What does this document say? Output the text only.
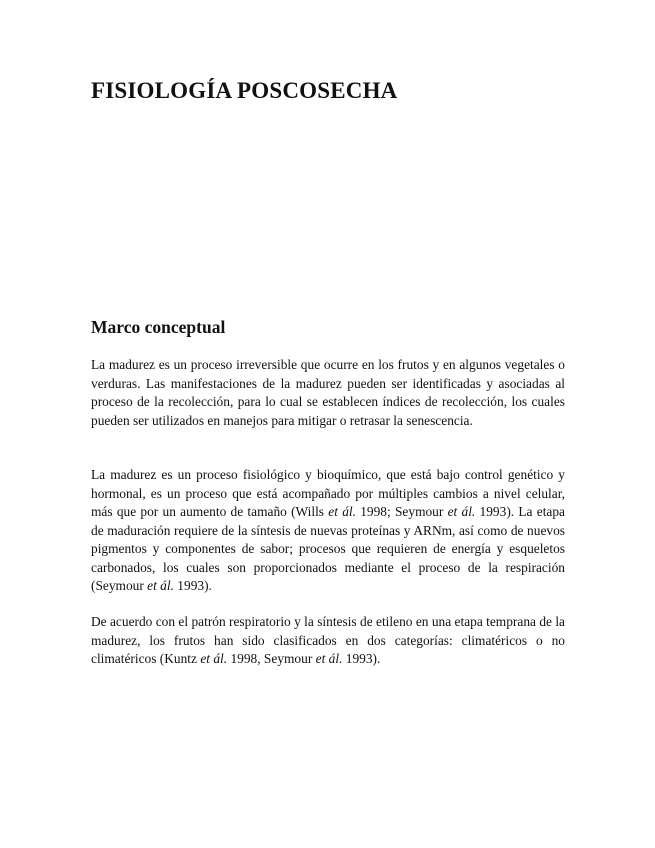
FISIOLOGÍA POSCOSECHA
Marco conceptual

La madurez es un proceso irreversible que ocurre en los frutos y en algunos vegetales o verduras. Las manifestaciones de la madurez pueden ser identificadas y asociadas al proceso de la recolección, para lo cual se establecen índices de recolección, los cuales pueden ser utilizados en manejos para mitigar o retrasar la senescencia.

La madurez es un proceso fisiológico y bioquímico, que está bajo control genético y hormonal, es un proceso que está acompañado por múltiples cambios a nivel celular, más que por un aumento de tamaño (Wills et ál. 1998; Seymour et ál. 1993). La etapa de maduración requiere de la síntesis de nuevas proteínas y ARNm, así como de nuevos pigmentos y componentes de sabor; procesos que requieren de energía y esqueletos carbonados, los cuales son proporcionados mediante el proceso de la respiración (Seymour et ál. 1993).

De acuerdo con el patrón respiratorio y la síntesis de etileno en una etapa temprana de la madurez, los frutos han sido clasificados en dos categorías: climatéricos o no climatéricos (Kuntz et ál. 1998, Seymour et ál. 1993).
